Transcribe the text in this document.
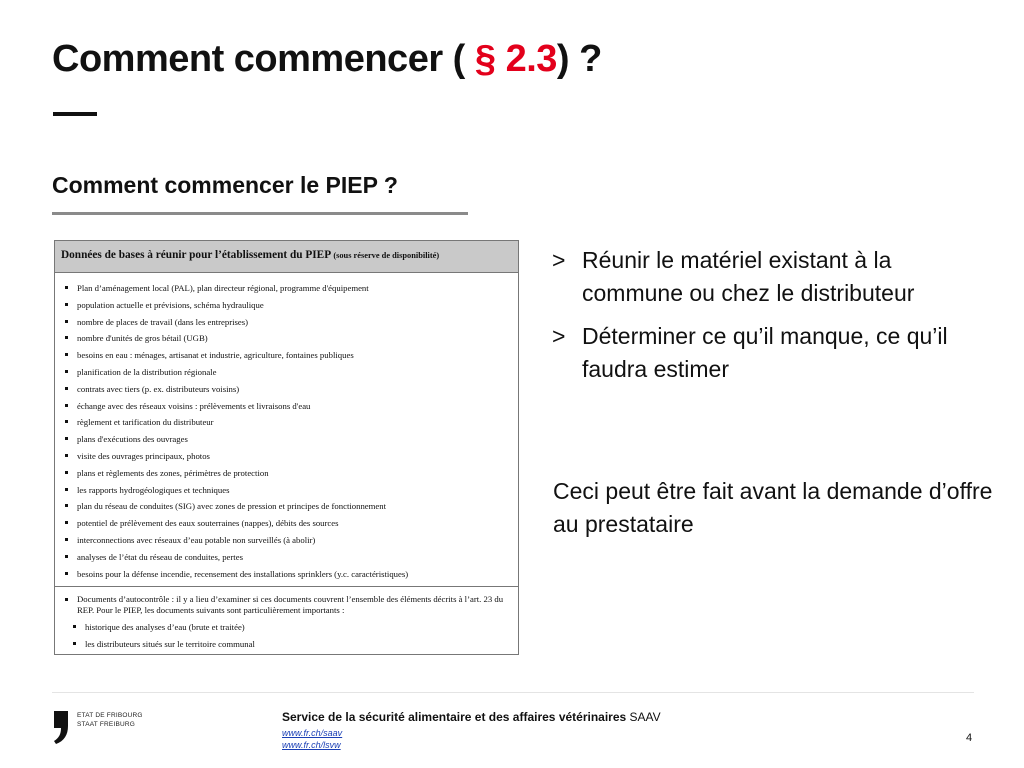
Comment commencer ( § 2.3) ?
Comment commencer le PIEP ?
Données de bases à réunir pour l’établissement du PIEP (sous réserve de disponibilité)
Plan d’aménagement local (PAL), plan directeur régional, programme d'équipement
population actuelle et prévisions, schéma hydraulique
nombre de places de travail (dans les entreprises)
nombre d'unités de gros bétail (UGB)
besoins en eau : ménages, artisanat et industrie, agriculture, fontaines publiques
planification de la distribution régionale
contrats avec tiers (p. ex. distributeurs voisins)
échange avec des réseaux voisins : prélèvements et livraisons d'eau
règlement et tarification du distributeur
plans d'exécutions des ouvrages
visite des ouvrages principaux, photos
plans et règlements des zones, périmètres de protection
les rapports hydrogéologiques et techniques
plan du réseau de conduites (SIG) avec zones de pression et principes de fonctionnement
potentiel de prélèvement des eaux souterraines (nappes), débits des sources
interconnections avec réseaux d’eau potable non surveillés (à abolir)
analyses de l’état du réseau de conduites, pertes
besoins pour la défense incendie, recensement des installations sprinklers (y.c. caractéristiques)
Documents d’autocontrôle : il y a lieu d’examiner si ces documents couvrent l’ensemble des éléments décrits à l’art. 23 du REP. Pour le PIEP, les documents suivants sont particulièrement importants :
historique des analyses d’eau (brute et traitée)
les distributeurs situés sur le territoire communal
> Réunir le matériel existant à la commune ou chez le distributeur
> Déterminer ce qu’il manque, ce qu’il faudra estimer

Ceci peut être fait avant la demande d’offre au prestataire

ETAT DE FRIBOURG
STAAT FREIBURG
Service de la sécurité alimentaire et des affaires vétérinaires SAAV
www.fr.ch/saav
www.fr.ch/lsvw
4
